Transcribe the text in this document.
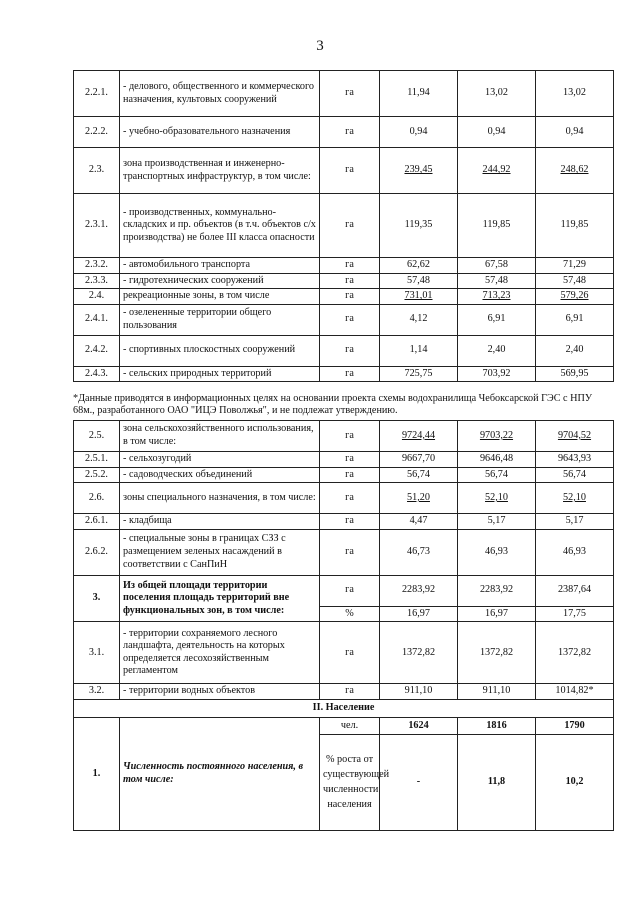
3
2.2.1.	- делового, общественного и коммерческого назначения, культовых сооружений	га	11,94	13,02	13,02
2.2.2.	- учебно-образовательного назначения	га	0,94	0,94	0,94
2.3.	зона производственная и инженерно-транспортных инфраструктур, в том числе:	га	239,45	244,92	248,62
2.3.1.	- производственных, коммунально-складских и пр. объектов (в т.ч. объектов с/х производства) не более III класса опасности	га	119,35	119,85	119,85
2.3.2.	- автомобильного транспорта	га	62,62	67,58	71,29
2.3.3.	- гидротехнических сооружений	га	57,48	57,48	57,48
2.4.	рекреационные зоны, в том числе	га	731,01	713,23	579,26
2.4.1.	- озелененные территории общего пользования	га	4,12	6,91	6,91
2.4.2.	- спортивных плоскостных сооружений	га	1,14	2,40	2,40
2.4.3.	- сельских природных территорий	га	725,75	703,92	569,95
*Данные приводятся в информационных целях на основании проекта схемы водохранилища Чебоксарской ГЭС с НПУ 68м., разработанного ОАО "ИЦЭ Поволжья", и не подлежат утверждению.
2.5.	зона сельскохозяйственного использования, в том числе:	га	9724,44	9703,22	9704,52
2.5.1.	- сельхозугодий	га	9667,70	9646,48	9643,93
2.5.2.	- садоводческих объединений	га	56,74	56,74	56,74
2.6.	зоны специального назначения, в том числе:	га	51,20	52,10	52,10
2.6.1.	- кладбища	га	4,47	5,17	5,17
2.6.2.	- специальные зоны в границах СЗЗ с размещением зеленых насаждений в соответствии с СанПиН	га	46,73	46,93	46,93
3.	Из общей площади территории поселения площадь территорий вне функциональных зон, в том числе:	га	2283,92	2283,92	2387,64
		%	16,97	16,97	17,75
3.1.	- территории сохраняемого лесного ландшафта, деятельность на которых определяется лесохозяйственным регламентом	га	1372,82	1372,82	1372,82
3.2.	- территории водных объектов	га	911,10	911,10	1014,82*
II. Население					
1.	Численность постоянного населения, в том числе:	чел.	1624	1816	1790
		% роста от существующей численности населения	-	11,8	10,2
